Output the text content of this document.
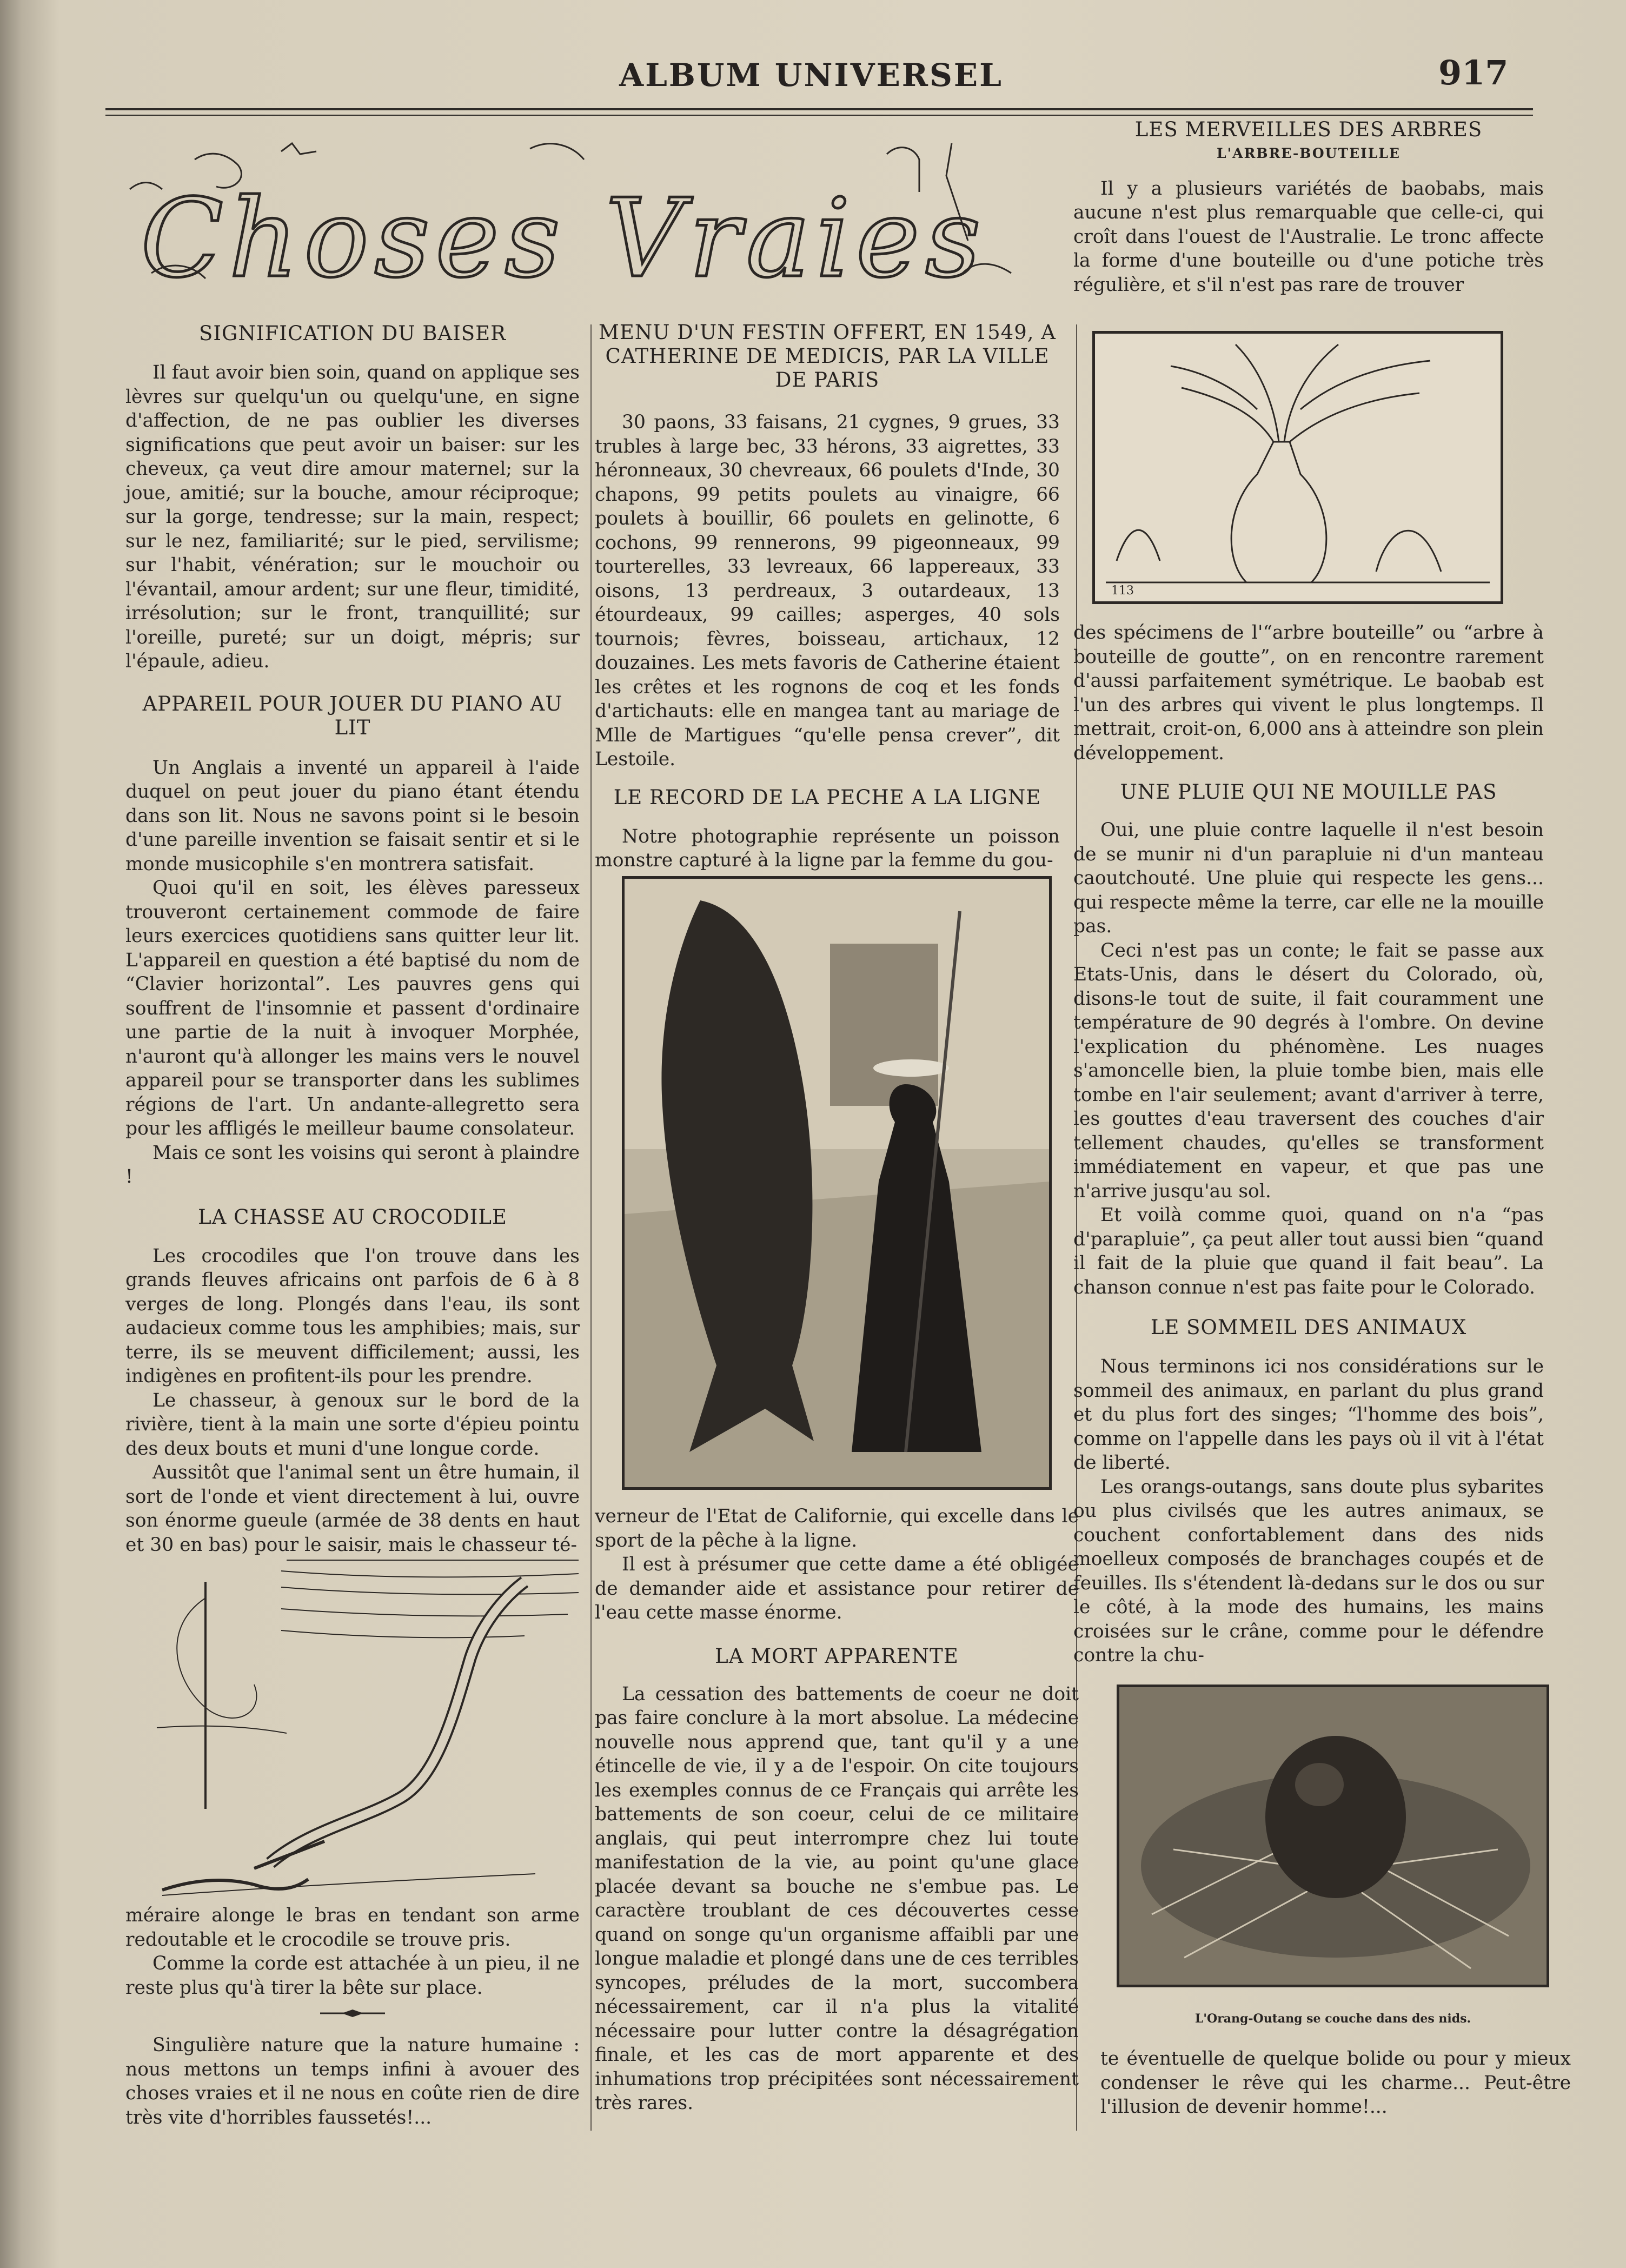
ALBUM UNIVERSEL	917
Choses Vraies

SIGNIFICATION DU BAISER

Il faut avoir bien soin, quand on applique ses lèvres sur quelqu'un ou quelqu'une, en signe d'affection, de ne pas oublier les diverses significations que peut avoir un baiser: sur les cheveux, ça veut dire amour maternel; sur la joue, amitié; sur la bouche, amour réciproque; sur la gorge, tendresse; sur la main, respect; sur le nez, familiarité; sur le pied, servilisme; sur l'habit, vénération; sur le mouchoir ou l'évantail, amour ardent; sur une fleur, timidité, irrésolution; sur le front, tranquillité; sur l'oreille, pureté; sur un doigt, mépris; sur l'épaule, adieu.

APPAREIL POUR JOUER DU PIANO AU LIT

Un Anglais a inventé un appareil à l'aide duquel on peut jouer du piano étant étendu dans son lit. Nous ne savons point si le besoin d'une pareille invention se faisait sentir et si le monde musicophile s'en montrera satisfait.

Quoi qu'il en soit, les élèves paresseux trouveront certainement commode de faire leurs exercices quotidiens sans quitter leur lit. L'appareil en question a été baptisé du nom de “Clavier horizontal”. Les pauvres gens qui souffrent de l'insomnie et passent d'ordinaire une partie de la nuit à invoquer Morphée, n'auront qu'à allonger les mains vers le nouvel appareil pour se transporter dans les sublimes régions de l'art. Un andante-allegretto sera pour les affligés le meilleur baume consolateur.

Mais ce sont les voisins qui seront à plaindre !

LA CHASSE AU CROCODILE

Les crocodiles que l'on trouve dans les grands fleuves africains ont parfois de 6 à 8 verges de long. Plongés dans l'eau, ils sont audacieux comme tous les amphibies; mais, sur terre, ils se meuvent difficilement; aussi, les indigènes en profitent-ils pour les prendre.

Le chasseur, à genoux sur le bord de la rivière, tient à la main une sorte d'épieu pointu des deux bouts et muni d'une longue corde.

Aussitôt que l'animal sent un être humain, il sort de l'onde et vient directement à lui, ouvre son énorme gueule (armée de 38 dents en haut et 30 en bas) pour le saisir, mais le chasseur té-

méraire alonge le bras en tendant son arme redoutable et le crocodile se trouve pris.

Comme la corde est attachée à un pieu, il ne reste plus qu'à tirer la bête sur place.

Singulière nature que la nature humaine : nous mettons un temps infini à avouer des choses vraies et il ne nous en coûte rien de dire très vite d'horribles faussetés!...

MENU D'UN FESTIN OFFERT, EN 1549, A CATHERINE DE MEDICIS, PAR LA VILLE DE PARIS

30 paons, 33 faisans, 21 cygnes, 9 grues, 33 trubles à large bec, 33 hérons, 33 aigrettes, 33 héronneaux, 30 chevreaux, 66 poulets d'Inde, 30 chapons, 99 petits poulets au vinaigre, 66 poulets à bouillir, 66 poulets en gelinotte, 6 cochons, 99 rennerons, 99 pigeonneaux, 99 tourterelles, 33 levreaux, 66 lappereaux, 33 oisons, 13 perdreaux, 3 outardeaux, 13 étourdeaux, 99 cailles; asperges, 40 sols tournois; fèvres, boisseau, artichaux, 12 douzaines. Les mets favoris de Catherine étaient les crêtes et les rognons de coq et les fonds d'artichauts: elle en mangea tant au mariage de Mlle de Martigues “qu'elle pensa crever”, dit Lestoile.

LE RECORD DE LA PECHE A LA LIGNE

Notre photographie représente un poisson monstre capturé à la ligne par la femme du gou-

verneur de l'Etat de Californie, qui excelle dans le sport de la pêche à la ligne.

Il est à présumer que cette dame a été obligée de demander aide et assistance pour retirer de l'eau cette masse énorme.

LA MORT APPARENTE

La cessation des battements de coeur ne doit pas faire conclure à la mort absolue. La médecine nouvelle nous apprend que, tant qu'il y a une étincelle de vie, il y a de l'espoir. On cite toujours les exemples connus de ce Français qui arrête les battements de son coeur, celui de ce militaire anglais, qui peut interrompre chez lui toute manifestation de la vie, au point qu'une glace placée devant sa bouche ne s'embue pas. Le caractère troublant de ces découvertes cesse quand on songe qu'un organisme affaibli par une longue maladie et plongé dans une de ces terribles syncopes, préludes de la mort, succombera nécessairement, car il n'a plus la vitalité nécessaire pour lutter contre la désagrégation finale, et les cas de mort apparente et des inhumations trop précipitées sont nécessairement très rares.

LES MERVEILLES DES ARBRES

L'ARBRE-BOUTEILLE

Il y a plusieurs variétés de baobabs, mais aucune n'est plus remarquable que celle-ci, qui croît dans l'ouest de l'Australie. Le tronc affecte la forme d'une bouteille ou d'une potiche très régulière, et s'il n'est pas rare de trouver

113

des spécimens de l'“arbre bouteille” ou “arbre à bouteille de goutte”, on en rencontre rarement d'aussi parfaitement symétrique. Le baobab est l'un des arbres qui vivent le plus longtemps. Il mettrait, croit-on, 6,000 ans à atteindre son plein développement.

UNE PLUIE QUI NE MOUILLE PAS

Oui, une pluie contre laquelle il n'est besoin de se munir ni d'un parapluie ni d'un manteau caoutchouté. Une pluie qui respecte les gens... qui respecte même la terre, car elle ne la mouille pas.

Ceci n'est pas un conte; le fait se passe aux Etats-Unis, dans le désert du Colorado, où, disons-le tout de suite, il fait couramment une température de 90 degrés à l'ombre. On devine l'explication du phénomène. Les nuages s'amoncelle bien, la pluie tombe bien, mais elle tombe en l'air seulement; avant d'arriver à terre, les gouttes d'eau traversent des couches d'air tellement chaudes, qu'elles se transforment immédiatement en vapeur, et que pas une n'arrive jusqu'au sol.

Et voilà comme quoi, quand on n'a “pas d'parapluie”, ça peut aller tout aussi bien “quand il fait de la pluie que quand il fait beau”. La chanson connue n'est pas faite pour le Colorado.

LE SOMMEIL DES ANIMAUX

Nous terminons ici nos considérations sur le sommeil des animaux, en parlant du plus grand et du plus fort des singes; “l'homme des bois”, comme on l'appelle dans les pays où il vit à l'état de liberté.

Les orangs-outangs, sans doute plus sybarites ou plus civilsés que les autres animaux, se couchent confortablement dans des nids moelleux composés de branchages coupés et de feuilles. Ils s'étendent là-dedans sur le dos ou sur le côté, à la mode des humains, les mains croisées sur le crâne, comme pour le défendre contre la chu-

L'Orang-Outang se couche dans des nids.

te éventuelle de quelque bolide ou pour y mieux condenser le rêve qui les charme... Peut-être l'illusion de devenir homme!...
